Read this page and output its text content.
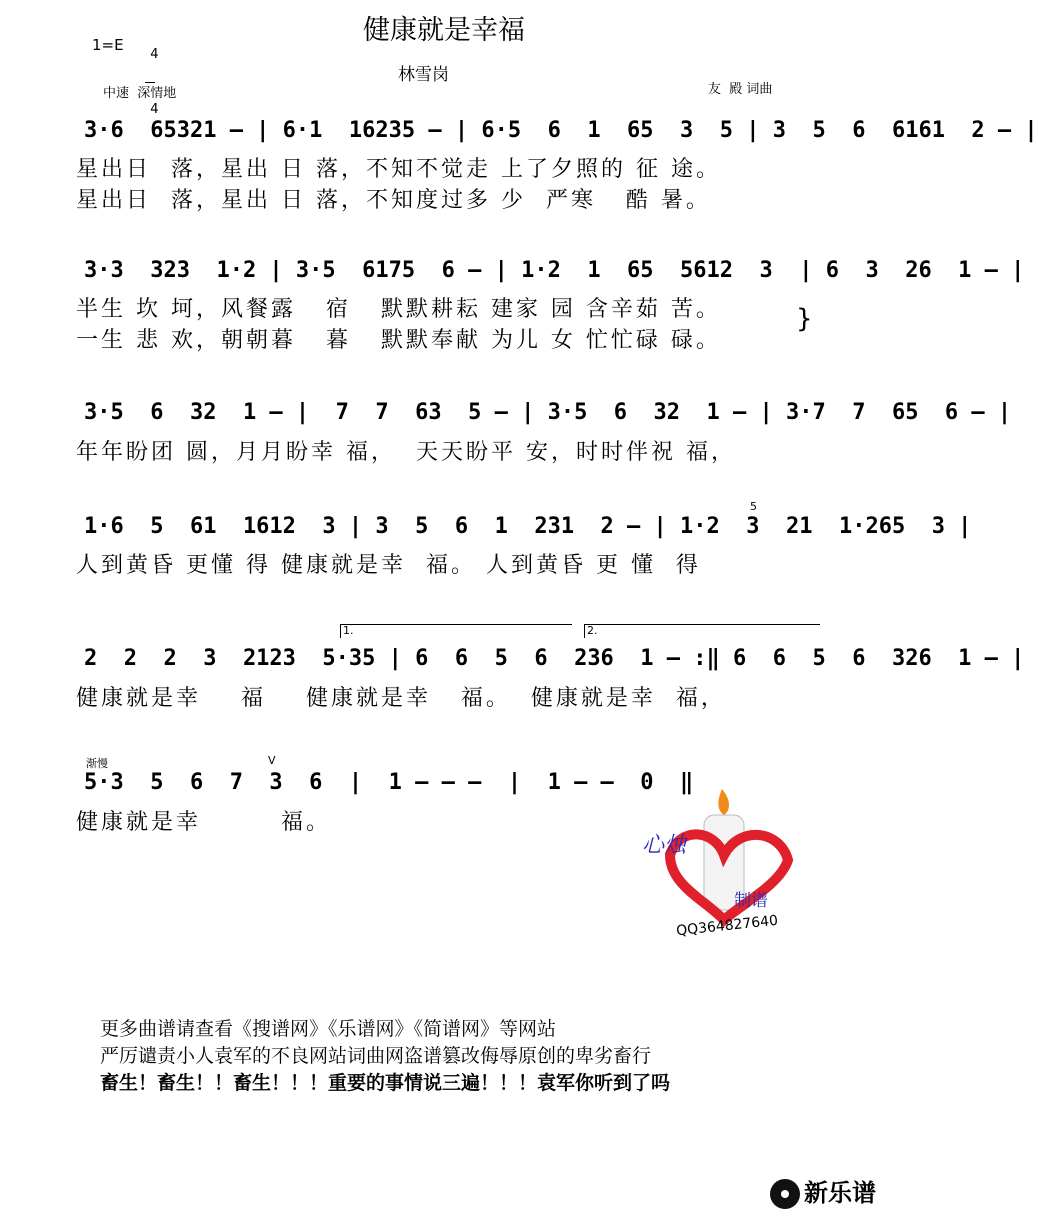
健康就是幸福
1=E

4

4

林雪岗
中速  深情地	友  殿 词曲
3·6  65321 – | 6·1  16235 – | 6·5  6  1  65  3  5 | 3  5  6  6161  2 – |
星出日  落，星出 日 落，不知不觉走 上了夕照的 征 途。
星出日  落，星出 日 落，不知度过多 少  严寒   酷 暑。
3·3  323  1·2 | 3·5  6175  6 – | 1·2  1  65  5612  3  | 6  3  26  1 – |
半生 坎 坷，风餐露   宿   默默耕耘 建家 园 含辛茹 苦。
一生 悲 欢，朝朝暮   暮   默默奉献 为儿 女 忙忙碌 碌。
}
3·5  6  32  1 – |  7  7  63  5 – | 3·5  6  32  1 – | 3·7  7  65  6 – |
年年盼团 圆，月月盼幸 福，  天天盼平 安，时时伴祝 福，
1·6  5  61  1612  3 | 3  5  6  1  231  2 – | 1·2  3  21  1·265  3 |
5
人到黄昏 更懂 得 健康就是幸  福。 人到黄昏 更 懂  得
1.	2.
2  2  2  3  2123  5·35 | 6  6  5  6  236  1 – :‖ 6  6  5  6  326  1 – |
健康就是幸    福    健康就是幸   福。  健康就是幸  福，
渐慢	V
5·3  5  6  7  3  6  |  1 – – –  |  1 – –  0  ‖
健康就是幸        福。
心烛
制谱
QQ364827640
更多曲谱请查看《搜谱网》《乐谱网》《简谱网》等网站
严厉谴责小人袁军的不良网站词曲网盗谱篡改侮辱原创的卑劣畜行
畜生！畜生！！畜生！！！重要的事情说三遍！！！袁军你听到了吗
新乐谱
